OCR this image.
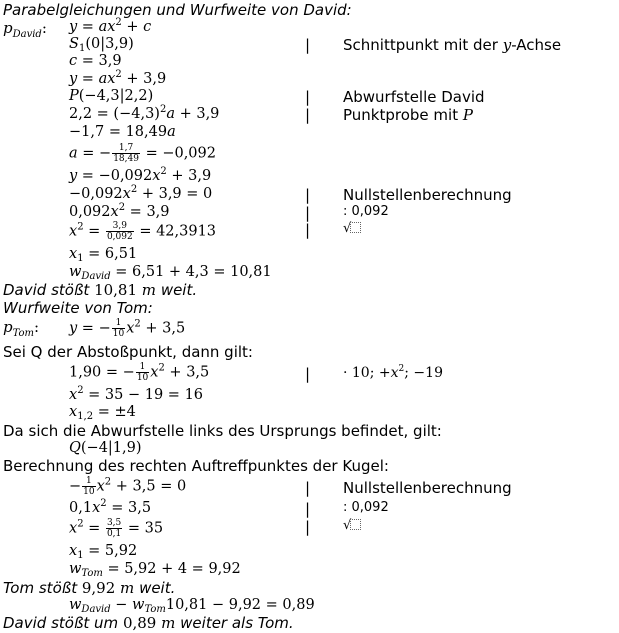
Parabelgleichungen und Wurfweite von David:
$p_{David}$: $y = ax^2 + c$
$S_1(0|3,9)$	| Schnittpunkt mit der y-Achse
c = 3,9
$y = ax^2 + 3,9$
P(−4,3|2,2)	| Abwurfstelle David
$2,2 = (-4,3)^2a + 3,9$	| Punktprobe mit P
−1,7 = 18,49a
a = − $\frac{1,7}{18,49} = -0,092$
$y = -0,092x^2 + 3,9$
$-0,092x^2 + 3,9 = 0$	| Nullstellenberechnung
$0,092x^2 = 3,9$	|	: 0,092
$x^2 = \frac{3,9}{0,092} = 42,3913$	|	√
$x_1 = 6,51$
$w_{David} = 6,51 + 4,3 = 10,81$
David stößt 10,81 m weit.
Wurfweite von Tom:
$p_{Tom}$: y = − $\frac{1}{10} x^2 + 3,5$
Sei Q der Abstoßpunkt, dann gilt:
1,90 = − $\frac{1}{10} x^2 + 3,5$	| · 10; $+x^2$; −19
$x^2 = 35 - 19 = 16$
$x_{1,2} = \pm 4$
Da sich die Abwurfstelle links des Ursprungs befindet, gilt:
Q(−4|1,9)
Berechnung des rechten Auftreffpunktes der Kugel:
− $\frac{1}{10} x^2 + 3,5 = 0$	| Nullstellenberechnung
$0,1x^2 = 3,5$	|	: 0,092
$x^2 = \frac{3,5}{0,1} = 35$	|	√
$x_1 = 5,92$
$w_{Tom} = 5,92 + 4 = 9,92$
Tom stößt 9,92 m weit.
$w_{David} - w_{Tom}10,81 - 9,92 = 0,89$
David stößt um 0,89 m weiter als Tom.
